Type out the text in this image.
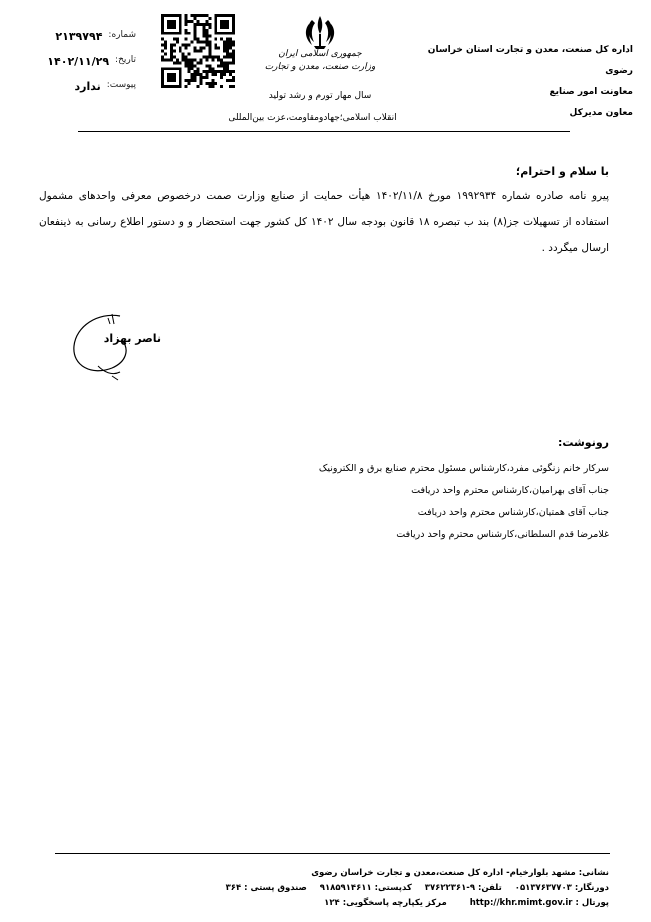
اداره کل صنعت، معدن و تجارت استان خراسان رضوی
معاونت امور صنایع
معاون مدیرکل
جمهوری اسلامی ایران
وزارت صنعت، معدن و تجارت
سال مهار تورم و رشد تولید
انقلاب اسلامی؛جهادومقاومت،عزت بین‌المللی
شماره:
۲۱۳۹۷۹۴
تاریخ:
۱۴۰۲/۱۱/۲۹
پیوست:
ندارد
با سلام و احترام؛
پیرو نامه صادره شماره ۱۹۹۲۹۳۴ مورخ ۱۴۰۲/۱۱/۸ هیأت حمایت از صنایع وزارت صمت درخصوص معرفی واحدهای مشمول استفاده از تسهیلات جز(۸) بند ب تبصره ۱۸ قانون بودجه سال ۱۴۰۲ کل کشور جهت استحضار و و دستور اطلاع رسانی به ذینفعان ارسال میگردد .
ناصر بهزاد
رونوشت:
سرکار خانم زنگوئی مفرد،کارشناس مسئول محترم صنایع برق و الکترونیک
جناب آقای بهرامیان،کارشناس محترم واحد دریافت
جناب آقای همتیان،کارشناس محترم واحد دریافت
غلامرضا قدم السلطانی،کارشناس محترم واحد دریافت
نشانی: مشهد بلوارخیام- اداره کل صنعت،معدن و تجارت خراسان رضوی
دورنگار: ۰۵۱۳۷۶۳۷۷۰۳ تلفن: ۹-۳۷۶۲۲۳۶۱ کدپستی: ۹۱۸۵۹۱۴۶۱۱ صندوق پستی : ۳۶۴
پورتال : http://khr.mimt.gov.ir مرکز یکپارچه پاسخگویی: ۱۲۴
